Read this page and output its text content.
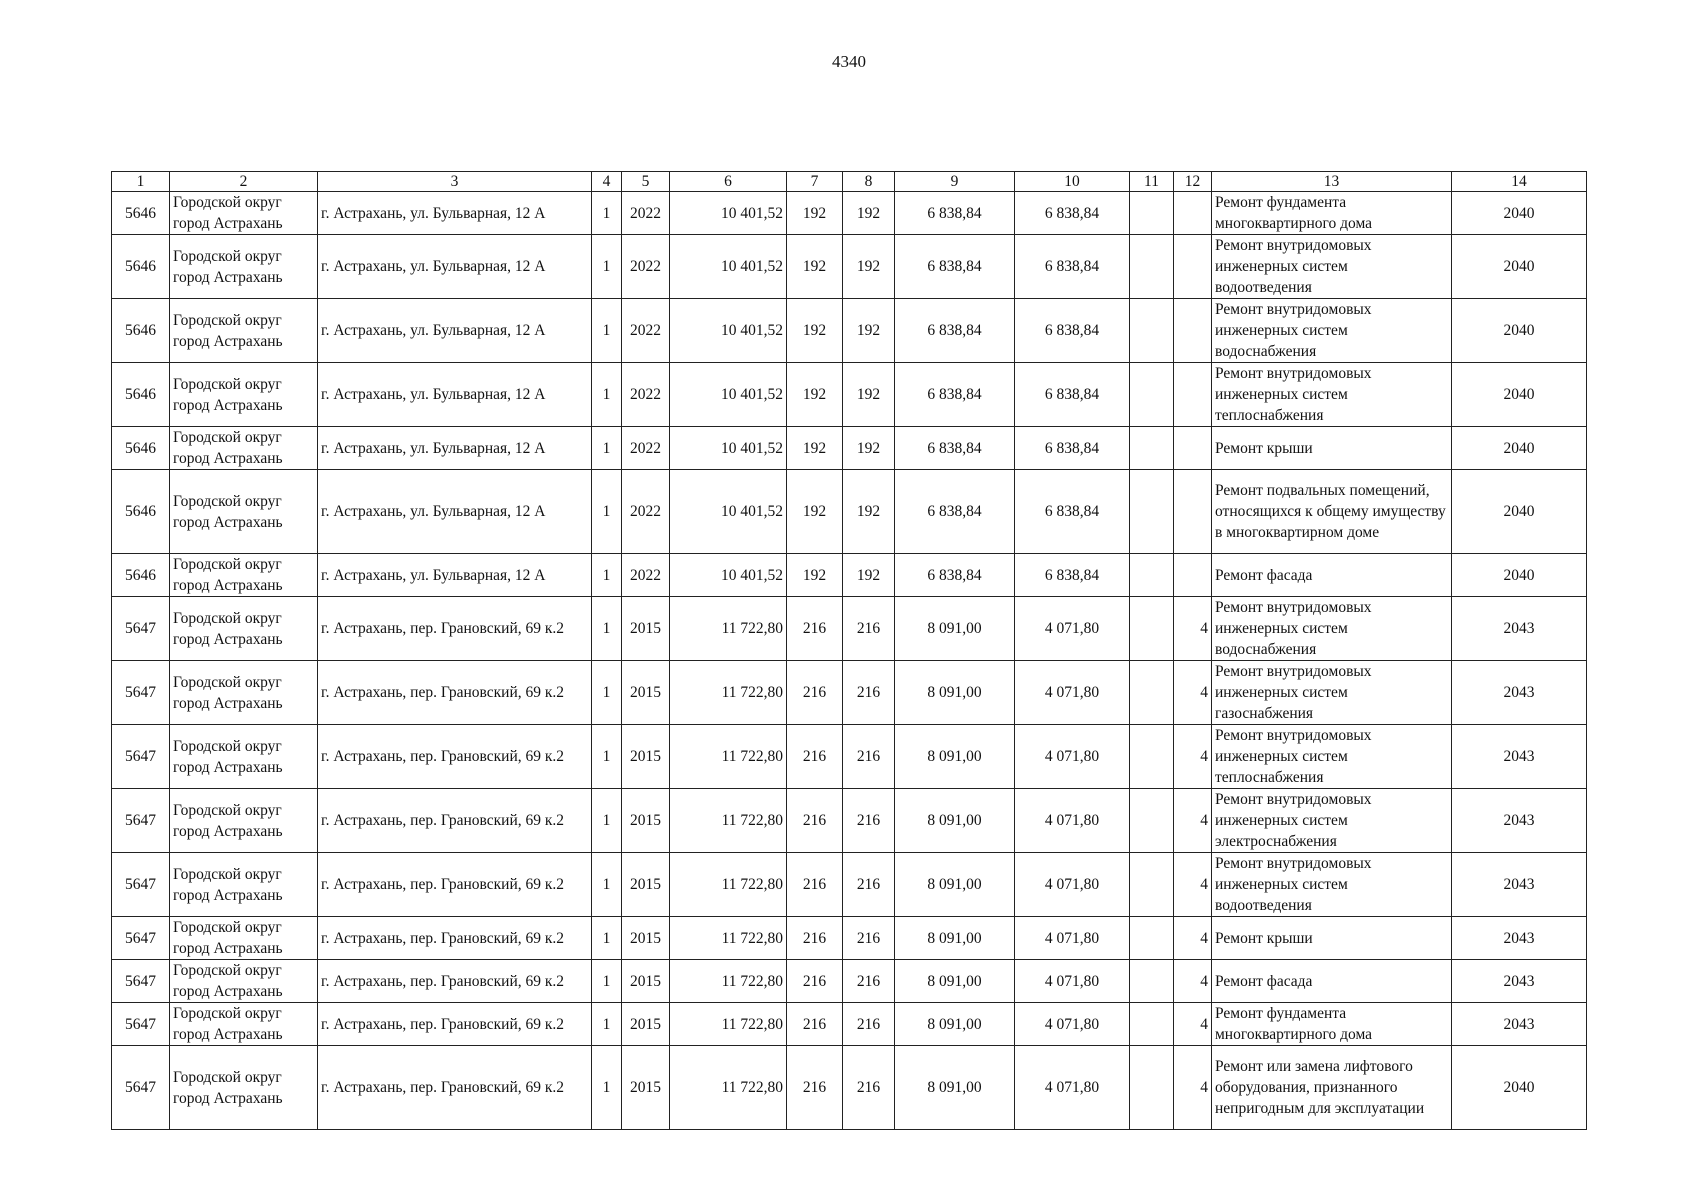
4340
1	2	3	4	5	6	7	8	9	10	11	12	13	14
5646	Городской округ город Астрахань	г. Астрахань, ул. Бульварная, 12 А	1	2022	10 401,52	192	192	6 838,84	6 838,84			Ремонт фундамента многоквартирного дома	2040
5646	Городской округ город Астрахань	г. Астрахань, ул. Бульварная, 12 А	1	2022	10 401,52	192	192	6 838,84	6 838,84			Ремонт внутридомовых инженерных систем водоотведения	2040
5646	Городской округ город Астрахань	г. Астрахань, ул. Бульварная, 12 А	1	2022	10 401,52	192	192	6 838,84	6 838,84			Ремонт внутридомовых инженерных систем водоснабжения	2040
5646	Городской округ город Астрахань	г. Астрахань, ул. Бульварная, 12 А	1	2022	10 401,52	192	192	6 838,84	6 838,84			Ремонт внутридомовых инженерных систем теплоснабжения	2040
5646	Городской округ город Астрахань	г. Астрахань, ул. Бульварная, 12 А	1	2022	10 401,52	192	192	6 838,84	6 838,84			Ремонт крыши	2040
5646	Городской округ город Астрахань	г. Астрахань, ул. Бульварная, 12 А	1	2022	10 401,52	192	192	6 838,84	6 838,84			Ремонт подвальных помещений, относящихся к общему имуществу в многоквартирном доме	2040
5646	Городской округ город Астрахань	г. Астрахань, ул. Бульварная, 12 А	1	2022	10 401,52	192	192	6 838,84	6 838,84			Ремонт фасада	2040
5647	Городской округ город Астрахань	г. Астрахань, пер. Грановский, 69 к.2	1	2015	11 722,80	216	216	8 091,00	4 071,80		4	Ремонт внутридомовых инженерных систем водоснабжения	2043
5647	Городской округ город Астрахань	г. Астрахань, пер. Грановский, 69 к.2	1	2015	11 722,80	216	216	8 091,00	4 071,80		4	Ремонт внутридомовых инженерных систем газоснабжения	2043
5647	Городской округ город Астрахань	г. Астрахань, пер. Грановский, 69 к.2	1	2015	11 722,80	216	216	8 091,00	4 071,80		4	Ремонт внутридомовых инженерных систем теплоснабжения	2043
5647	Городской округ город Астрахань	г. Астрахань, пер. Грановский, 69 к.2	1	2015	11 722,80	216	216	8 091,00	4 071,80		4	Ремонт внутридомовых инженерных систем электроснабжения	2043
5647	Городской округ город Астрахань	г. Астрахань, пер. Грановский, 69 к.2	1	2015	11 722,80	216	216	8 091,00	4 071,80		4	Ремонт внутридомовых инженерных систем водоотведения	2043
5647	Городской округ город Астрахань	г. Астрахань, пер. Грановский, 69 к.2	1	2015	11 722,80	216	216	8 091,00	4 071,80		4	Ремонт крыши	2043
5647	Городской округ город Астрахань	г. Астрахань, пер. Грановский, 69 к.2	1	2015	11 722,80	216	216	8 091,00	4 071,80		4	Ремонт фасада	2043
5647	Городской округ город Астрахань	г. Астрахань, пер. Грановский, 69 к.2	1	2015	11 722,80	216	216	8 091,00	4 071,80		4	Ремонт фундамента многоквартирного дома	2043
5647	Городской округ город Астрахань	г. Астрахань, пер. Грановский, 69 к.2	1	2015	11 722,80	216	216	8 091,00	4 071,80		4	Ремонт или замена лифтового оборудования, признанного непригодным для эксплуатации	2040
